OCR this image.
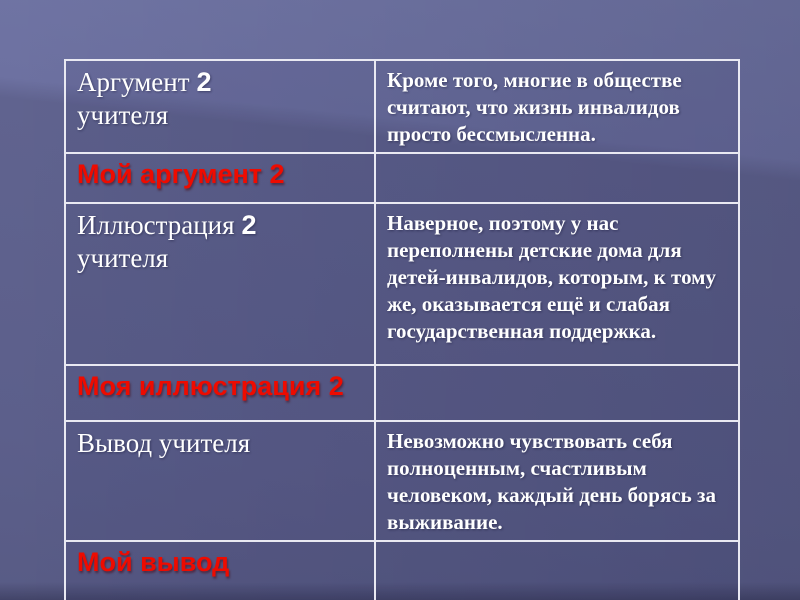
Аргумент 2
учителя	Кроме того, многие в обществе считают, что жизнь инвалидов просто бессмысленна.

Мой аргумент 2	
Иллюстрация 2
учителя	Наверное, поэтому у нас переполнены детские дома для детей-инвалидов, которым, к тому же, оказывается ещё и слабая государственная поддержка.

Моя иллюстрация 2	
Вывод учителя	Невозможно чувствовать себя полноценным, счастливым человеком, каждый день борясь за выживание.

Мой вывод	
